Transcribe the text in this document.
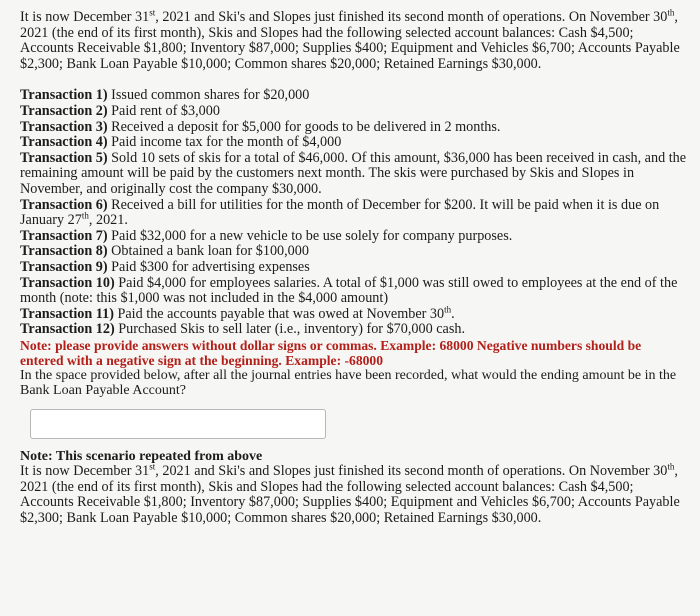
It is now December 31st, 2021 and Ski's and Slopes just finished its second month of operations. On November 30th, 2021 (the end of its first month), Skis and Slopes had the following selected account balances: Cash $4,500; Accounts Receivable $1,800; Inventory $87,000; Supplies $400; Equipment and Vehicles $6,700; Accounts Payable $2,300; Bank Loan Payable $10,000; Common shares $20,000; Retained Earnings $30,000.

Transaction 1) Issued common shares for $20,000

Transaction 2) Paid rent of $3,000

Transaction 3) Received a deposit for $5,000 for goods to be delivered in 2 months.

Transaction 4) Paid income tax for the month of $4,000

Transaction 5) Sold 10 sets of skis for a total of $46,000. Of this amount, $36,000 has been received in cash, and the remaining amount will be paid by the customers next month. The skis were purchased by Skis and Slopes in November, and originally cost the company $30,000.

Transaction 6) Received a bill for utilities for the month of December for $200. It will be paid when it is due on January 27th, 2021.

Transaction 7) Paid $32,000 for a new vehicle to be use solely for company purposes.

Transaction 8) Obtained a bank loan for $100,000

Transaction 9) Paid $300 for advertising expenses

Transaction 10) Paid $4,000 for employees salaries. A total of $1,000 was still owed to employees at the end of the month (note: this $1,000 was not included in the $4,000 amount)

Transaction 11) Paid the accounts payable that was owed at November 30th.

Transaction 12) Purchased Skis to sell later (i.e., inventory) for $70,000 cash.

Note: please provide answers without dollar signs or commas. Example: 68000 Negative numbers should be entered with a negative sign at the beginning. Example: -68000

In the space provided below, after all the journal entries have been recorded, what would the ending amount be in the Bank Loan Payable Account?

Note: This scenario repeated from above

It is now December 31st, 2021 and Ski's and Slopes just finished its second month of operations. On November 30th, 2021 (the end of its first month), Skis and Slopes had the following selected account balances: Cash $4,500; Accounts Receivable $1,800; Inventory $87,000; Supplies $400; Equipment and Vehicles $6,700; Accounts Payable $2,300; Bank Loan Payable $10,000; Common shares $20,000; Retained Earnings $30,000.
